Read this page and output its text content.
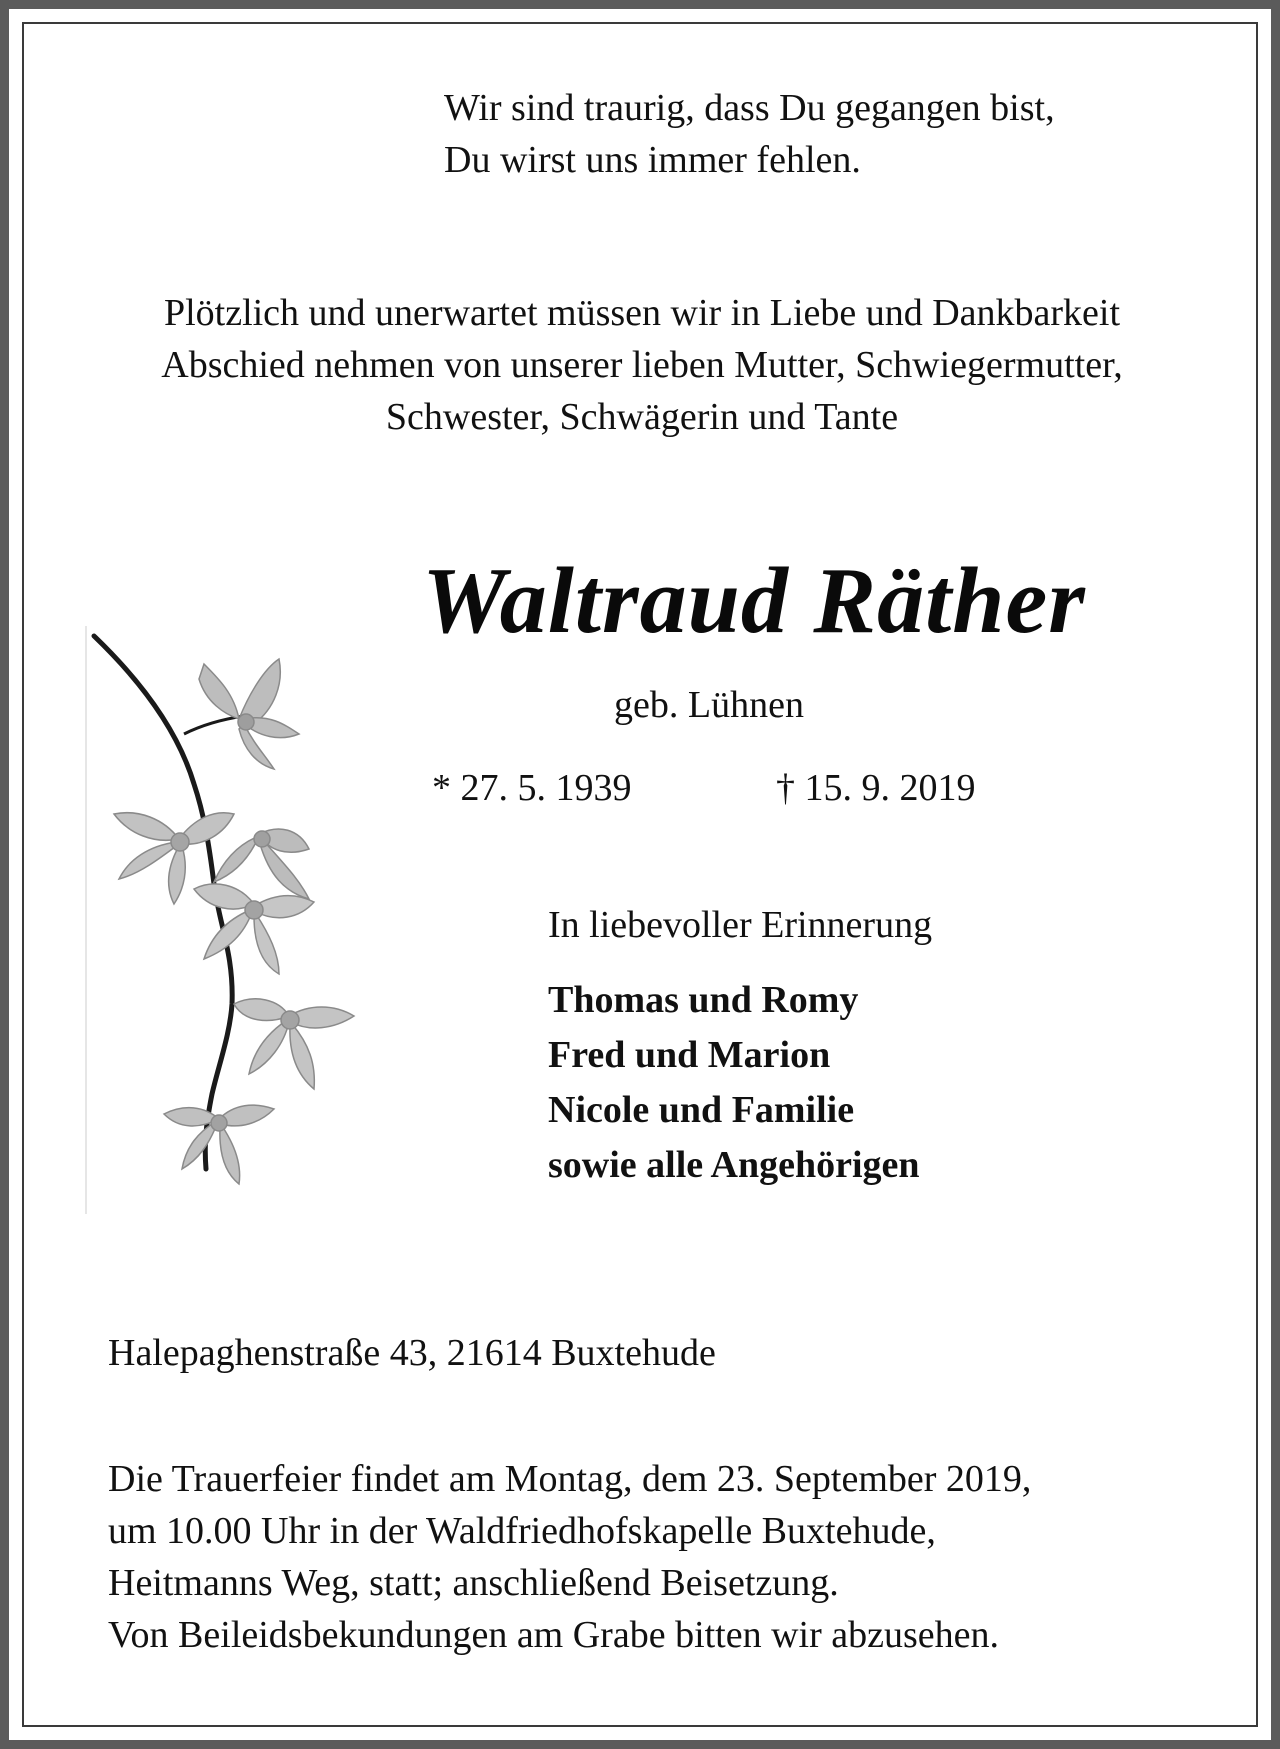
Wir sind traurig, dass Du gegangen bist,
Du wirst uns immer fehlen.
Plötzlich und unerwartet müssen wir in Liebe und Dankbarkeit
Abschied nehmen von unserer lieben Mutter, Schwiegermutter,
Schwester, Schwägerin und Tante
Waltraud Räther
geb. Lühnen
* 27. 5. 1939	† 15. 9. 2019
In liebevoller Erinnerung
Thomas und Romy
Fred und Marion
Nicole und Familie
sowie alle Angehörigen
Halepaghenstraße 43, 21614 Buxtehude
Die Trauerfeier findet am Montag, dem 23. September 2019,
um 10.00 Uhr in der Waldfriedhofskapelle Buxtehude,
Heitmanns Weg, statt; anschließend Beisetzung.
Von Beileidsbekundungen am Grabe bitten wir abzusehen.
